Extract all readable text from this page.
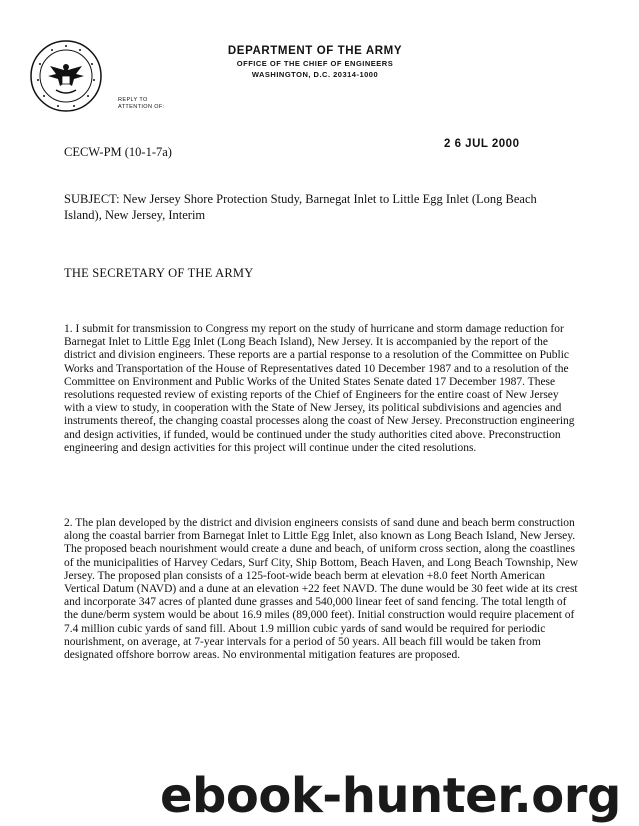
DEPARTMENT OF THE ARMY
OFFICE OF THE CHIEF OF ENGINEERS
WASHINGTON, D.C. 20314-1000
REPLY TO
ATTENTION OF:
CECW-PM (10-1-7a)
2 6 JUL 2000
SUBJECT: New Jersey Shore Protection Study, Barnegat Inlet to Little Egg Inlet (Long Beach Island), New Jersey, Interim
THE SECRETARY OF THE ARMY

1. I submit for transmission to Congress my report on the study of hurricane and storm damage reduction for Barnegat Inlet to Little Egg Inlet (Long Beach Island), New Jersey. It is accompanied by the report of the district and division engineers. These reports are a partial response to a resolution of the Committee on Public Works and Transportation of the House of Representatives dated 10 December 1987 and to a resolution of the Committee on Environment and Public Works of the United States Senate dated 17 December 1987. These resolutions requested review of existing reports of the Chief of Engineers for the entire coast of New Jersey with a view to study, in cooperation with the State of New Jersey, its political subdivisions and agencies and instruments thereof, the changing coastal processes along the coast of New Jersey. Preconstruction engineering and design activities, if funded, would be continued under the study authorities cited above. Preconstruction engineering and design activities for this project will continue under the cited resolutions.

2. The plan developed by the district and division engineers consists of sand dune and beach berm construction along the coastal barrier from Barnegat Inlet to Little Egg Inlet, also known as Long Beach Island, New Jersey. The proposed beach nourishment would create a dune and beach, of uniform cross section, along the coastlines of the municipalities of Harvey Cedars, Surf City, Ship Bottom, Beach Haven, and Long Beach Township, New Jersey. The proposed plan consists of a 125-foot-wide beach berm at elevation +8.0 feet North American Vertical Datum (NAVD) and a dune at an elevation +22 feet NAVD. The dune would be 30 feet wide at its crest and incorporate 347 acres of planted dune grasses and 540,000 linear feet of sand fencing. The total length of the dune/berm system would be about 16.9 miles (89,000 feet). Initial construction would require placement of 7.4 million cubic yards of sand fill. About 1.9 million cubic yards of sand would be required for periodic nourishment, on average, at 7-year intervals for a period of 50 years. All beach fill would be taken from designated offshore borrow areas. No environmental mitigation features are proposed.

ebook-hunter.org
